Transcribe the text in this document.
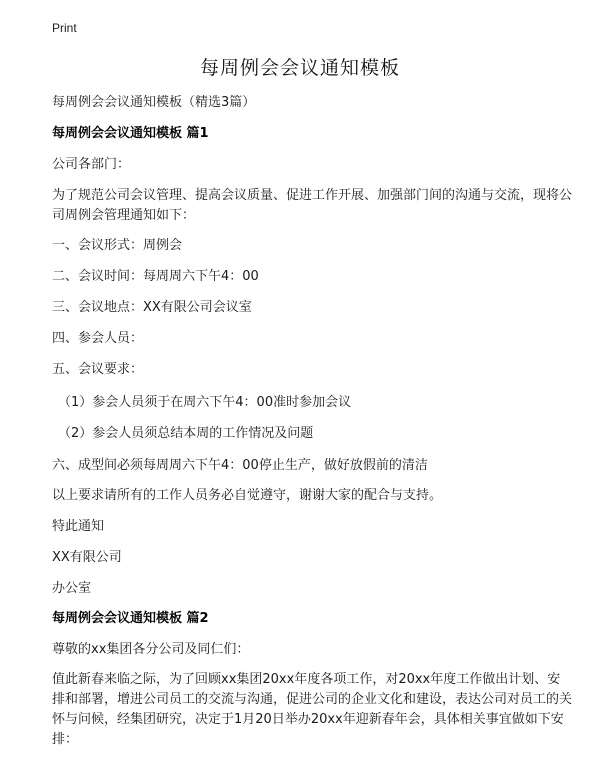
Print
每周例会会议通知模板
每周例会会议通知模板（精选3篇）
每周例会会议通知模板 篇1
公司各部门：
为了规范公司会议管理、提高会议质量、促进工作开展、加强部门间的沟通与交流，现将公司周例会管理通知如下：
一、会议形式：周例会
二、会议时间：每周周六下午4：00
三、会议地点：XX有限公司会议室
四、参会人员：
五、会议要求：
（1）参会人员须于在周六下午4：00准时参加会议
（2）参会人员须总结本周的工作情况及问题
六、成型间必须每周周六下午4：00停止生产，做好放假前的清洁
以上要求请所有的工作人员务必自觉遵守，谢谢大家的配合与支持。
特此通知
XX有限公司
办公室
每周例会会议通知模板 篇2
尊敬的xx集团各分公司及同仁们：
值此新春来临之际，为了回顾xx集团20xx年度各项工作，对20xx年度工作做出计划、安排和部署，增进公司员工的交流与沟通，促进公司的企业文化和建设，表达公司对员工的关怀与问候，经集团研究，决定于1月20日举办20xx年迎新春年会，具体相关事宜做如下安排：
